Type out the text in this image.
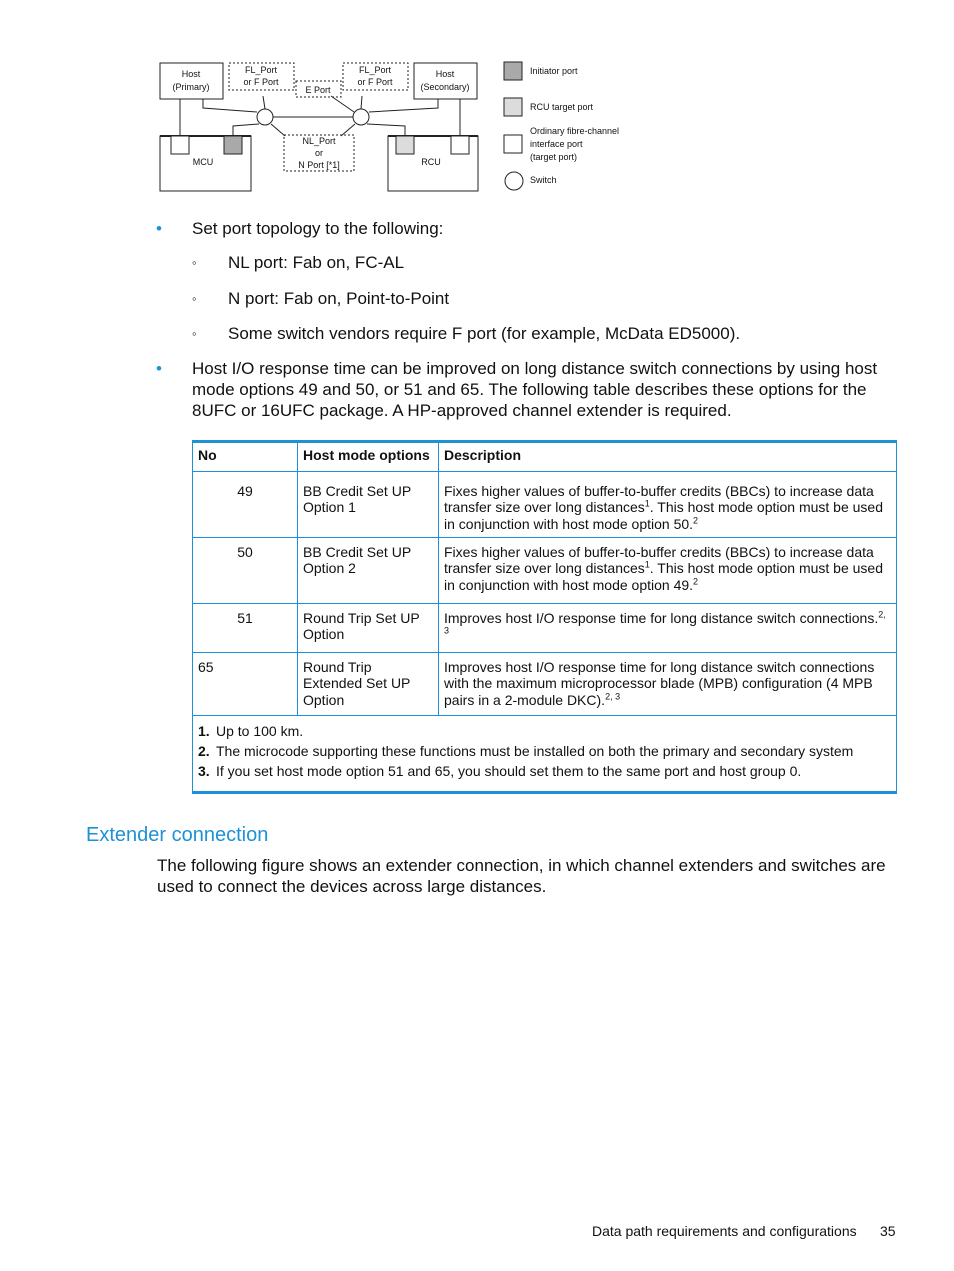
Host
(Primary)
FL_Port
or F Port
E Port
FL_Port
or F Port
Host
(Secondary)
NL_Port
or
N Port [*1]
MCU	RCU
Initiator port
RCU target port
Ordinary fibre-channel
interface port
(target port)
Switch
• Set port topology to the following:
◦ NL port: Fab on, FC-AL
◦ N port: Fab on, Point-to-Point
◦ Some switch vendors require F port (for example, McData ED5000).
• Host I/O response time can be improved on long distance switch connections by using host mode options 49 and 50, or 51 and 65. The following table describes these options for the 8UFC or 16UFC package. A HP-approved channel extender is required.
No	Host mode options	Description
49	BB Credit Set UP Option 1	Fixes higher values of buffer-to-buffer credits (BBCs) to increase data transfer size over long distances$^1$. This host mode option must be used in conjunction with host mode option 50.$^2$
50	BB Credit Set UP Option 2	Fixes higher values of buffer-to-buffer credits (BBCs) to increase data transfer size over long distances$^1$. This host mode option must be used in conjunction with host mode option 49.$^2$
51	Round Trip Set UP Option	Improves host I/O response time for long distance switch connections.$^{2, 3}$
65	Round Trip Extended Set UP Option	Improves host I/O response time for long distance switch connections with the maximum microprocessor blade (MPB) configuration (4 MPB pairs in a 2-module DKC).$^{2, 3}$

1. Up to 100 km.
2. The microcode supporting these functions must be installed on both the primary and secondary system
3. If you set host mode option 51 and 65, you should set them to the same port and host group 0.		
Extender connection
The following figure shows an extender connection, in which channel extenders and switches are used to connect the devices across large distances.
Data path requirements and configurations 35
